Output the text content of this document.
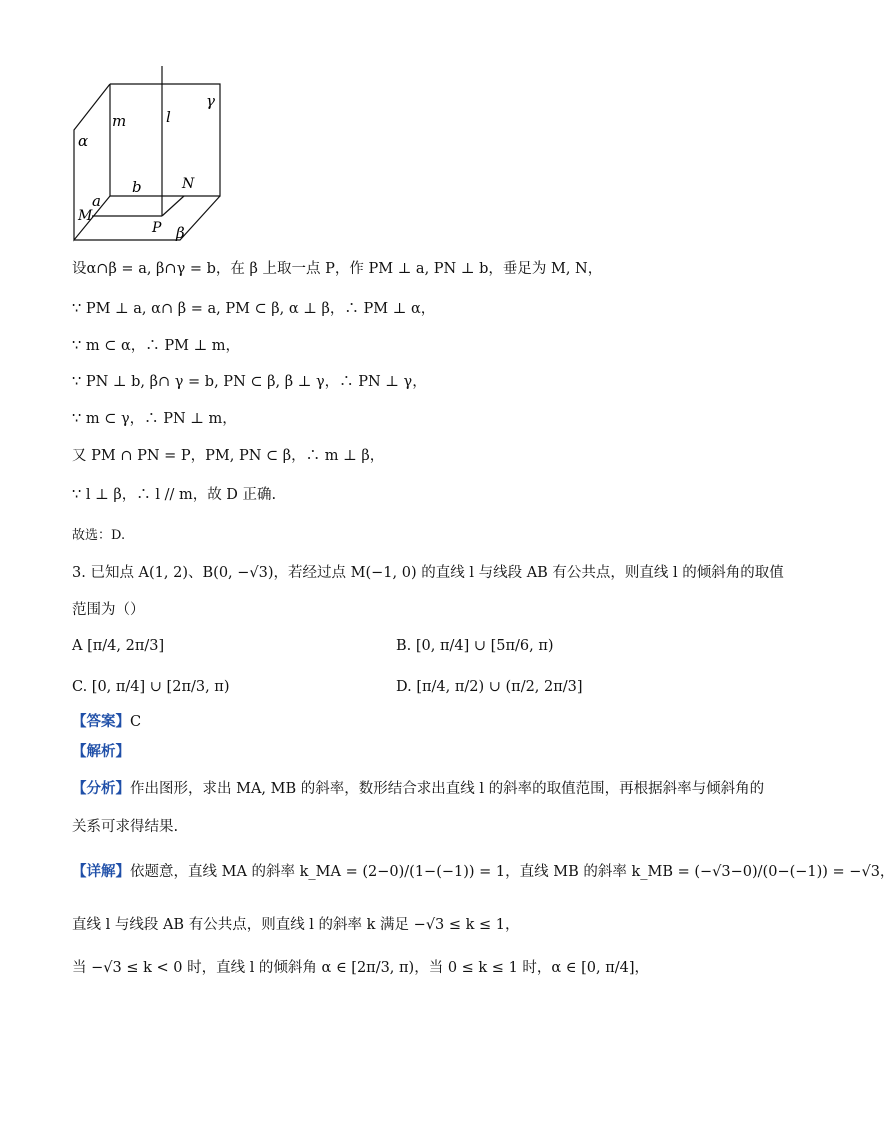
α
m	l
γ
b	N
a
M
P β
设α∩β = a, β∩γ = b，在 β 上取一点 P，作 PM ⊥ a, PN ⊥ b，垂足为 M, N，
∵ PM ⊥ a, α∩ β = a, PM ⊂ β, α ⊥ β，∴ PM ⊥ α，
∵ m ⊂ α，∴ PM ⊥ m，
∵ PN ⊥ b, β∩ γ = b, PN ⊂ β, β ⊥ γ，∴ PN ⊥ γ，
∵ m ⊂ γ，∴ PN ⊥ m，
又 PM ∩ PN = P，PM, PN ⊂ β，∴ m ⊥ β，
∵ l ⊥ β，∴ l // m，故 D 正确.
故选：D.
3. 已知点 A(1, 2)、B(0, −√3)，若经过点 M(−1, 0) 的直线 l 与线段 AB 有公共点，则直线 l 的倾斜角的取值
范围为（）
A [π/4, 2π/3]	B. [0, π/4] ∪ [5π/6, π)
C. [0, π/4] ∪ [2π/3, π)	D. [π/4, π/2) ∪ (π/2, 2π/3]
【答案】C
【解析】
【分析】作出图形，求出 MA, MB 的斜率，数形结合求出直线 l 的斜率的取值范围，再根据斜率与倾斜角的
关系可求得结果.
【详解】依题意，直线 MA 的斜率 k_MA = (2−0)/(1−(−1)) = 1，直线 MB 的斜率 k_MB = (−√3−0)/(0−(−1)) = −√3，
直线 l 与线段 AB 有公共点，则直线 l 的斜率 k 满足 −√3 ≤ k ≤ 1，
当 −√3 ≤ k < 0 时，直线 l 的倾斜角 α ∈ [2π/3, π)，当 0 ≤ k ≤ 1 时，α ∈ [0, π/4]，
